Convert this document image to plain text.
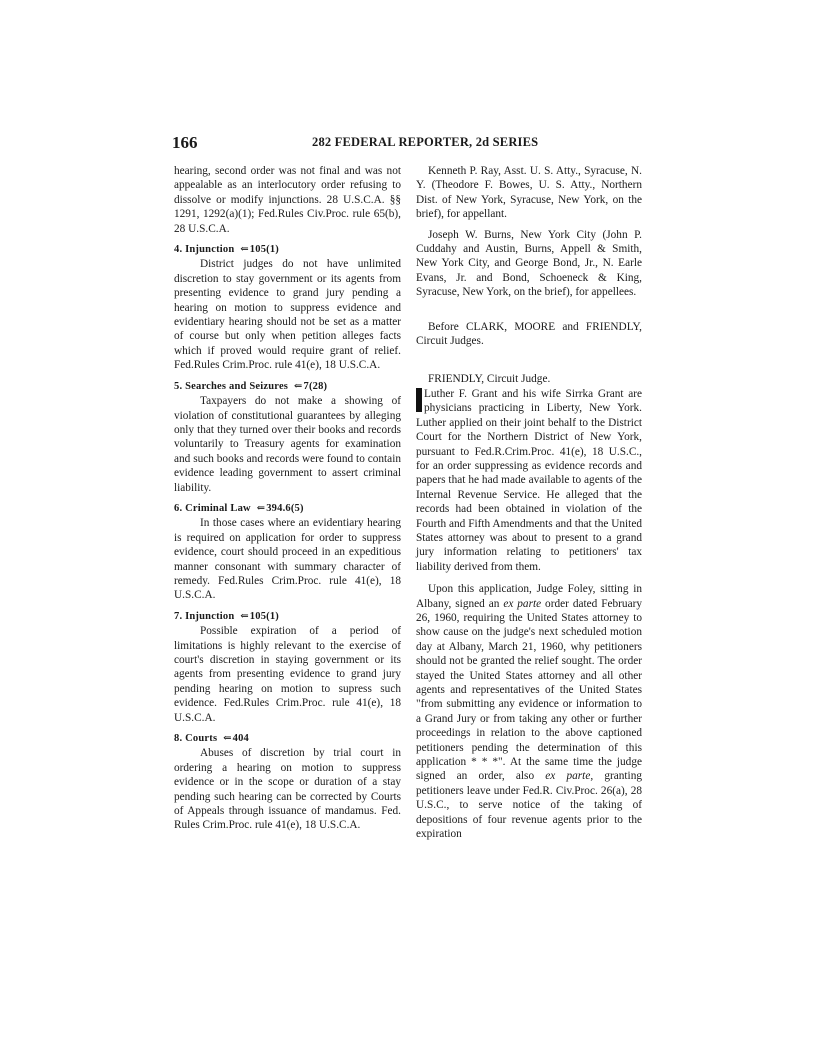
166	282 FEDERAL REPORTER, 2d SERIES

hearing, second order was not final and was not appealable as an interlocutory order refusing to dissolve or modify injunctions. 28 U.S.C.A. §§ 1291, 1292(a)(1); Fed.Rules Civ.Proc. rule 65(b), 28 U.S.C.A.

4. Injunction ⇐105(1)

District judges do not have unlimited discretion to stay government or its agents from presenting evidence to grand jury pending a hearing on motion to suppress evidence and evidentiary hearing should not be set as a matter of course but only when petition alleges facts which if proved would require grant of relief. Fed.Rules Crim.Proc. rule 41(e), 18 U.S.C.A.

5. Searches and Seizures ⇐7(28)

Taxpayers do not make a showing of violation of constitutional guarantees by alleging only that they turned over their books and records voluntarily to Treasury agents for examination and such books and records were found to contain evidence leading government to assert criminal liability.

6. Criminal Law ⇐394.6(5)

In those cases where an evidentiary hearing is required on application for order to suppress evidence, court should proceed in an expeditious manner consonant with summary character of remedy. Fed.Rules Crim.Proc. rule 41(e), 18 U.S.C.A.

7. Injunction ⇐105(1)

Possible expiration of a period of limitations is highly relevant to the exercise of court's discretion in staying government or its agents from presenting evidence to grand jury pending hearing on motion to supress such evidence. Fed.Rules Crim.Proc. rule 41(e), 18 U.S.C.A.

8. Courts ⇐404

Abuses of discretion by trial court in ordering a hearing on motion to suppress evidence or in the scope or duration of a stay pending such hearing can be corrected by Courts of Appeals through issuance of mandamus. Fed. Rules Crim.Proc. rule 41(e), 18 U.S.C.A.

Kenneth P. Ray, Asst. U. S. Atty., Syracuse, N. Y. (Theodore F. Bowes, U. S. Atty., Northern Dist. of New York, Syracuse, New York, on the brief), for appellant.

Joseph W. Burns, New York City (John P. Cuddahy and Austin, Burns, Appell & Smith, New York City, and George Bond, Jr., N. Earle Evans, Jr. and Bond, Schoeneck & King, Syracuse, New York, on the brief), for appellees.

Before CLARK, MOORE and FRIENDLY, Circuit Judges.

FRIENDLY, Circuit Judge.

Luther F. Grant and his wife Sirrka Grant are physicians practicing in Liberty, New York. Luther applied on their joint behalf to the District Court for the Northern District of New York, pursuant to Fed.R.Crim.Proc. 41(e), 18 U.S.C., for an order suppressing as evidence records and papers that he had made available to agents of the Internal Revenue Service. He alleged that the records had been obtained in violation of the Fourth and Fifth Amendments and that the United States attorney was about to present to a grand jury information relating to petitioners' tax liability derived from them.

Upon this application, Judge Foley, sitting in Albany, signed an ex parte order dated February 26, 1960, requiring the United States attorney to show cause on the judge's next scheduled motion day at Albany, March 21, 1960, why petitioners should not be granted the relief sought. The order stayed the United States attorney and all other agents and representatives of the United States "from submitting any evidence or information to a Grand Jury or from taking any other or further proceedings in relation to the above captioned petitioners pending the determination of this application * * *". At the same time the judge signed an order, also ex parte, granting petitioners leave under Fed.R. Civ.Proc. 26(a), 28 U.S.C., to serve notice of the taking of depositions of four revenue agents prior to the expiration
